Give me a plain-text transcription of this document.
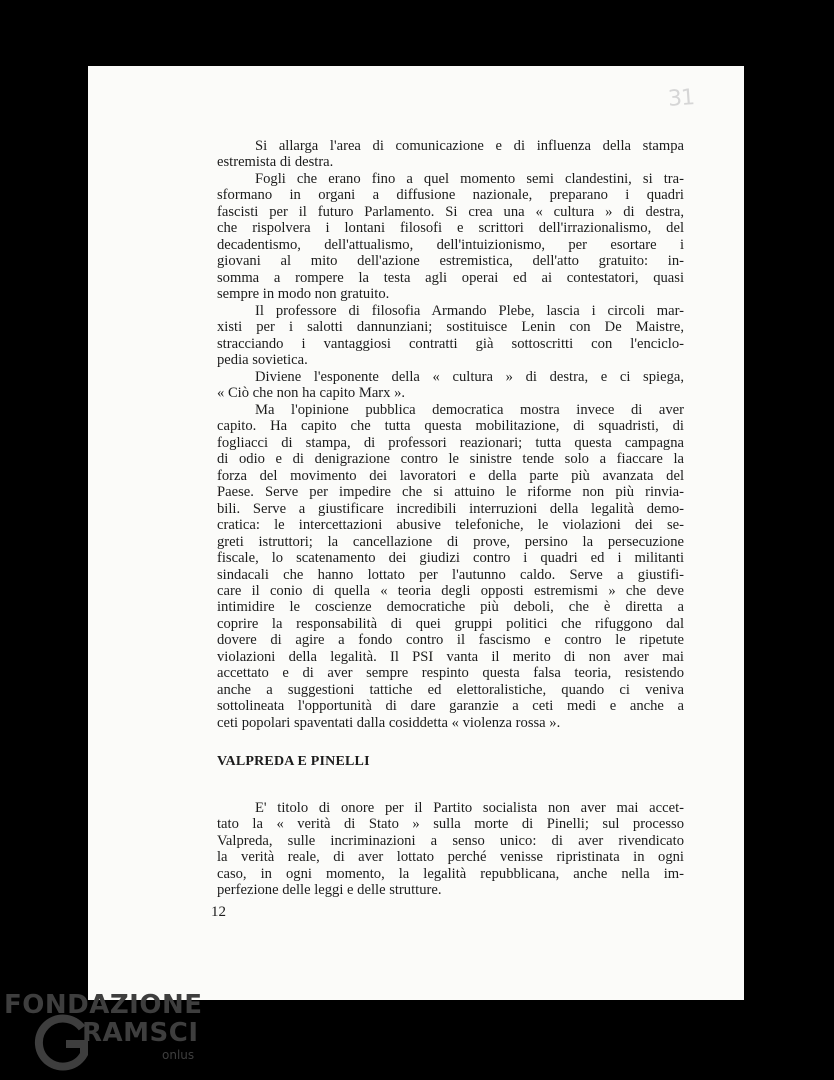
31
Si allarga l'area di comunicazione e di influenza della stampa
estremista di destra.
Fogli che erano fino a quel momento semi clandestini, si tra-
sformano in organi a diffusione nazionale, preparano i quadri
fascisti per il futuro Parlamento. Si crea una « cultura » di destra,
che rispolvera i lontani filosofi e scrittori dell'irrazionalismo, del
decadentismo, dell'attualismo, dell'intuizionismo, per esortare i
giovani al mito dell'azione estremistica, dell'atto gratuito: in-
somma a rompere la testa agli operai ed ai contestatori, quasi
sempre in modo non gratuito.
Il professore di filosofia Armando Plebe, lascia i circoli mar-
xisti per i salotti dannunziani; sostituisce Lenin con De Maistre,
stracciando i vantaggiosi contratti già sottoscritti con l'enciclo-
pedia sovietica.
Diviene l'esponente della « cultura » di destra, e ci spiega,
« Ciò che non ha capito Marx ».
Ma l'opinione pubblica democratica mostra invece di aver
capito. Ha capito che tutta questa mobilitazione, di squadristi, di
fogliacci di stampa, di professori reazionari; tutta questa campagna
di odio e di denigrazione contro le sinistre tende solo a fiaccare la
forza del movimento dei lavoratori e della parte più avanzata del
Paese. Serve per impedire che si attuino le riforme non più rinvia-
bili. Serve a giustificare incredibili interruzioni della legalità demo-
cratica: le intercettazioni abusive telefoniche, le violazioni dei se-
greti istruttori; la cancellazione di prove, persino la persecuzione
fiscale, lo scatenamento dei giudizi contro i quadri ed i militanti
sindacali che hanno lottato per l'autunno caldo. Serve a giustifi-
care il conio di quella « teoria degli opposti estremismi » che deve
intimidire le coscienze democratiche più deboli, che è diretta a
coprire la responsabilità di quei gruppi politici che rifuggono dal
dovere di agire a fondo contro il fascismo e contro le ripetute
violazioni della legalità. Il PSI vanta il merito di non aver mai
accettato e di aver sempre respinto questa falsa teoria, resistendo
anche a suggestioni tattiche ed elettoralistiche, quando ci veniva
sottolineata l'opportunità di dare garanzie a ceti medi e anche a
ceti popolari spaventati dalla cosiddetta « violenza rossa ».
VALPREDA E PINELLI
E' titolo di onore per il Partito socialista non aver mai accet-
tato la « verità di Stato » sulla morte di Pinelli; sul processo
Valpreda, sulle incriminazioni a senso unico: di aver rivendicato
la verità reale, di aver lottato perché venisse ripristinata in ogni
caso, in ogni momento, la legalità repubblicana, anche nella im-
perfezione delle leggi e delle strutture.
12
FONDAZIONE
RAMSCI
onlus
